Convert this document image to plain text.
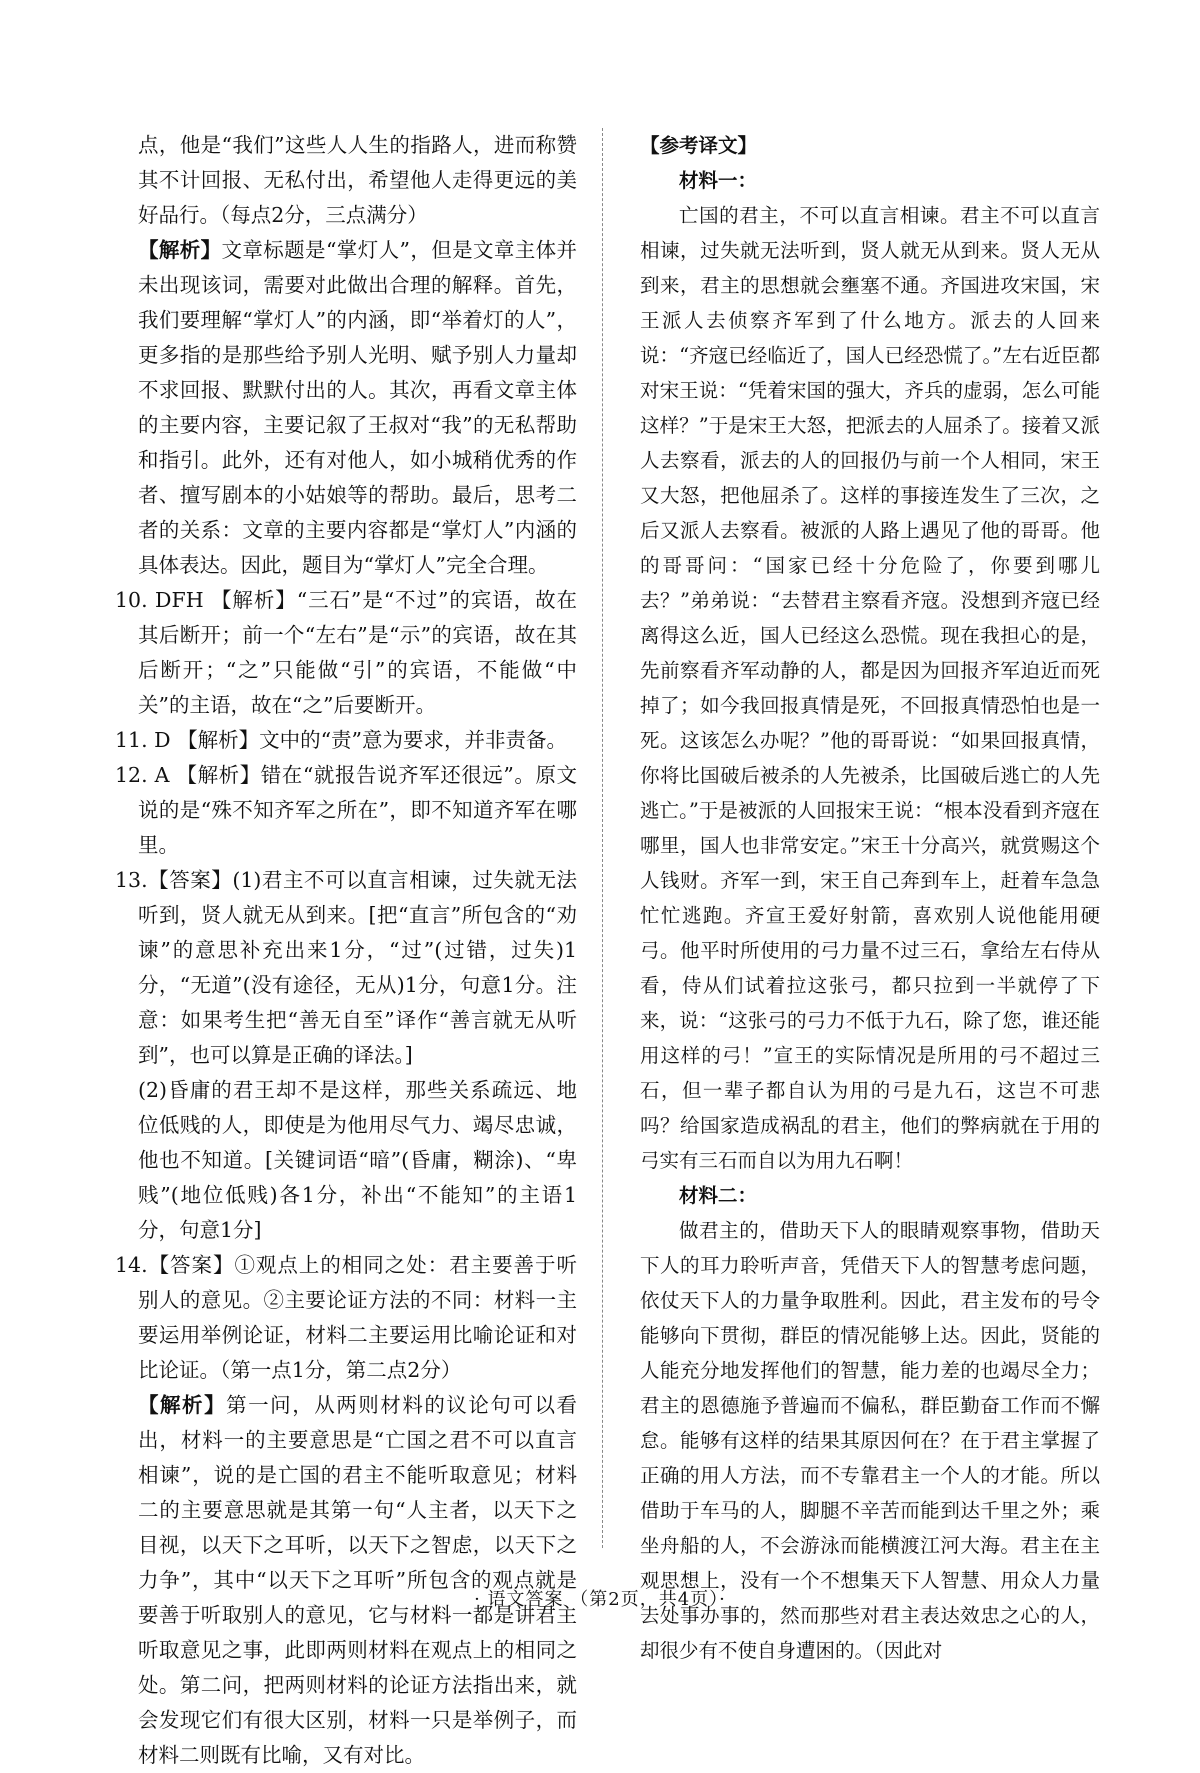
点，他是“我们”这些人人生的指路人，进而称赞其不计回报、无私付出，希望他人走得更远的美好品行。（每点2分，三点满分）

【解析】文章标题是“掌灯人”，但是文章主体并未出现该词，需要对此做出合理的解释。首先，我们要理解“掌灯人”的内涵，即“举着灯的人”，更多指的是那些给予别人光明、赋予别人力量却不求回报、默默付出的人。其次，再看文章主体的主要内容，主要记叙了王叔对“我”的无私帮助和指引。此外，还有对他人，如小城稍优秀的作者、擅写剧本的小姑娘等的帮助。最后，思考二者的关系：文章的主要内容都是“掌灯人”内涵的具体表达。因此，题目为“掌灯人”完全合理。

10. DFH 【解析】“三石”是“不过”的宾语，故在其后断开；前一个“左右”是“示”的宾语，故在其后断开；“之”只能做“引”的宾语，不能做“中关”的主语，故在“之”后要断开。

11. D 【解析】文中的“责”意为要求，并非责备。

12. A 【解析】错在“就报告说齐军还很远”。原文说的是“殊不知齐军之所在”，即不知道齐军在哪里。

13.【答案】(1)君主不可以直言相谏，过失就无法听到，贤人就无从到来。[把“直言”所包含的“劝谏”的意思补充出来1分，“过”(过错，过失)1分，“无道”(没有途径，无从)1分，句意1分。注意：如果考生把“善无自至”译作“善言就无从听到”，也可以算是正确的译法。]

(2)昏庸的君王却不是这样，那些关系疏远、地位低贱的人，即使是为他用尽气力、竭尽忠诚，他也不知道。[关键词语“暗”(昏庸，糊涂)、“卑贱”(地位低贱)各1分，补出“不能知”的主语1分，句意1分]

14.【答案】①观点上的相同之处：君主要善于听别人的意见。②主要论证方法的不同：材料一主要运用举例论证，材料二主要运用比喻论证和对比论证。（第一点1分，第二点2分）

【解析】第一问，从两则材料的议论句可以看出，材料一的主要意思是“亡国之君不可以直言相谏”，说的是亡国的君主不能听取意见；材料二的主要意思就是其第一句“人主者，以天下之目视，以天下之耳听，以天下之智虑，以天下之力争”，其中“以天下之耳听”所包含的观点就是要善于听取别人的意见，它与材料一都是讲君主听取意见之事，此即两则材料在观点上的相同之处。第二问，把两则材料的论证方法指出来，就会发现它们有很大区别，材料一只是举例子，而材料二则既有比喻，又有对比。

【参考译文】

材料一：

亡国的君主，不可以直言相谏。君主不可以直言相谏，过失就无法听到，贤人就无从到来。贤人无从到来，君主的思想就会壅塞不通。齐国进攻宋国，宋王派人去侦察齐军到了什么地方。派去的人回来说：“齐寇已经临近了，国人已经恐慌了。”左右近臣都对宋王说：“凭着宋国的强大，齐兵的虚弱，怎么可能这样？”于是宋王大怒，把派去的人屈杀了。接着又派人去察看，派去的人的回报仍与前一个人相同，宋王又大怒，把他屈杀了。这样的事接连发生了三次，之后又派人去察看。被派的人路上遇见了他的哥哥。他的哥哥问：“国家已经十分危险了，你要到哪儿去？”弟弟说：“去替君主察看齐寇。没想到齐寇已经离得这么近，国人已经这么恐慌。现在我担心的是，先前察看齐军动静的人，都是因为回报齐军迫近而死掉了；如今我回报真情是死，不回报真情恐怕也是一死。这该怎么办呢？”他的哥哥说：“如果回报真情，你将比国破后被杀的人先被杀，比国破后逃亡的人先逃亡。”于是被派的人回报宋王说：“根本没看到齐寇在哪里，国人也非常安定。”宋王十分高兴，就赏赐这个人钱财。齐军一到，宋王自己奔到车上，赶着车急急忙忙逃跑。齐宣王爱好射箭，喜欢别人说他能用硬弓。他平时所使用的弓力量不过三石，拿给左右侍从看，侍从们试着拉这张弓，都只拉到一半就停了下来，说：“这张弓的弓力不低于九石，除了您，谁还能用这样的弓！”宣王的实际情况是所用的弓不超过三石，但一辈子都自认为用的弓是九石，这岂不可悲吗？给国家造成祸乱的君主，他们的弊病就在于用的弓实有三石而自以为用九石啊！

材料二：

做君主的，借助天下人的眼睛观察事物，借助天下人的耳力聆听声音，凭借天下人的智慧考虑问题，依仗天下人的力量争取胜利。因此，君主发布的号令能够向下贯彻，群臣的情况能够上达。因此，贤能的人能充分地发挥他们的智慧，能力差的也竭尽全力；君主的恩德施予普遍而不偏私，群臣勤奋工作而不懈怠。能够有这样的结果其原因何在？在于君主掌握了正确的用人方法，而不专靠君主一个人的才能。所以借助于车马的人，脚腿不辛苦而能到达千里之外；乘坐舟船的人，不会游泳而能横渡江河大海。君主在主观思想上，没有一个不想集天下人智慧、用众人力量去处事办事的，然而那些对君主表达效忠之心的人，却很少有不使自身遭困的。（因此对

· 语文答案 （第2页，共4页）·
